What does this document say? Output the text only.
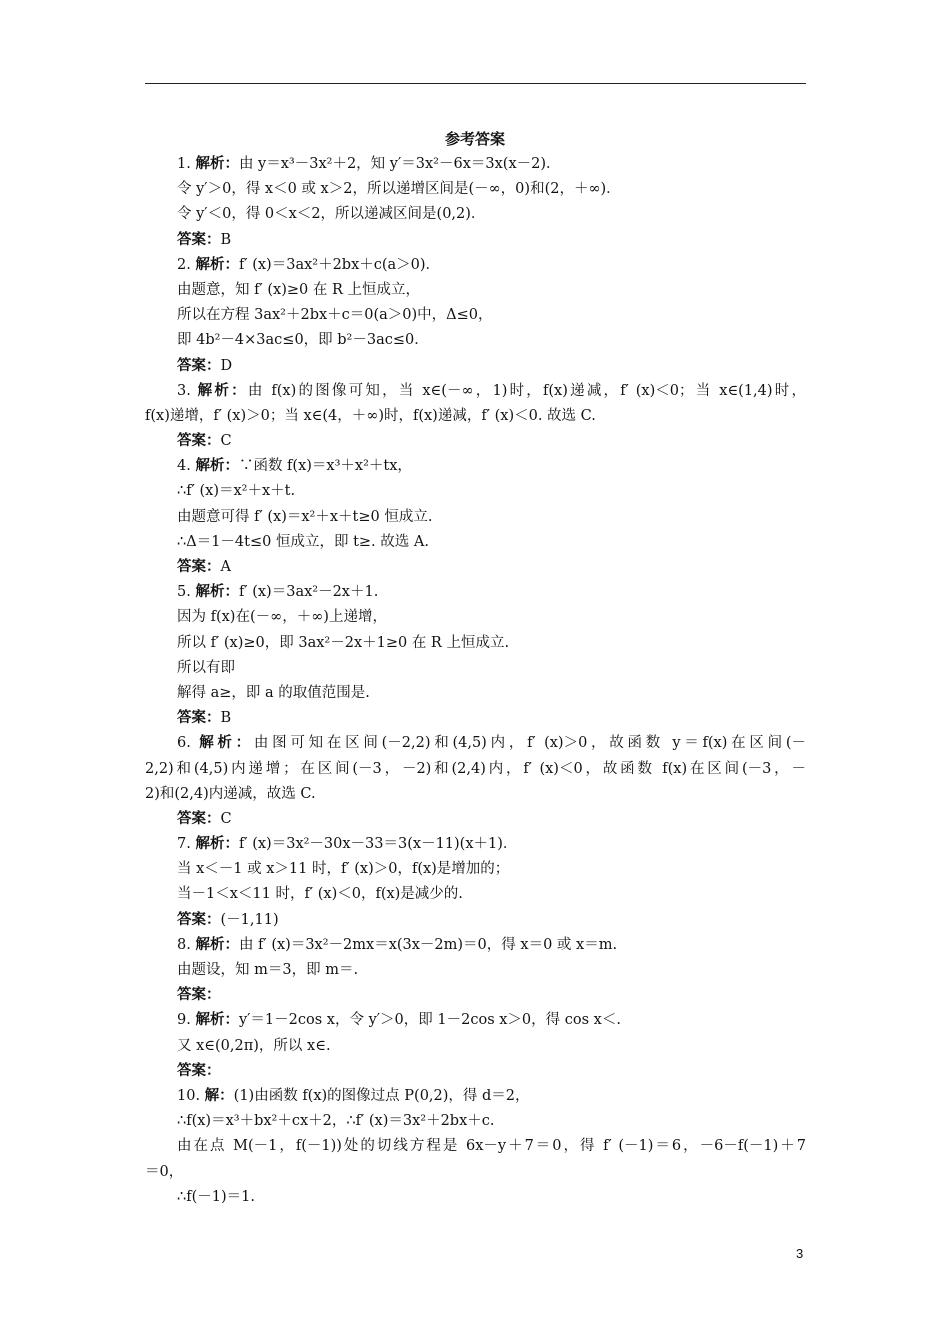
参考答案
1. 解析：由 y＝x³－3x²＋2，知 y′＝3x²－6x＝3x(x－2)．
令 y′＞0，得 x＜0 或 x＞2，所以递增区间是(－∞，0)和(2，＋∞)．
令 y′＜0，得 0＜x＜2，所以递减区间是(0,2)．
答案：B
2. 解析：f′ (x)＝3ax²＋2bx＋c(a＞0)．
由题意，知 f′ (x)≥0 在 R 上恒成立，
所以在方程 3ax²＋2bx＋c＝0(a＞0)中，Δ≤0，
即 4b²－4×3ac≤0，即 b²－3ac≤0．
答案：D
3. 解析：由 f(x)的图像可知，当 x∈(－∞，1)时，f(x)递减，f′ (x)＜0；当 x∈(1,4)时，
f(x)递增，f′ (x)＞0；当 x∈(4，＋∞)时，f(x)递减，f′ (x)＜0. 故选 C.
答案：C
4. 解析：∵函数 f(x)＝x³＋x²＋tx，
∴f′ (x)＝x²＋x＋t.
由题意可得 f′ (x)＝x²＋x＋t≥0 恒成立.
∴Δ＝1－4t≤0 恒成立，即 t≥. 故选 A.
答案：A
5. 解析：f′ (x)＝3ax²－2x＋1.
因为 f(x)在(－∞，＋∞)上递增，
所以 f′ (x)≥0，即 3ax²－2x＋1≥0 在 R 上恒成立.
所以有即
解得 a≥，即 a 的取值范围是.
答案：B
6. 解析：由图可知在区间(－2,2)和(4,5)内，f′ (x)＞0，故函数 y＝f(x)在区间(－
2,2)和(4,5)内递增；在区间(－3，－2)和(2,4)内，f′ (x)＜0，故函数 f(x)在区间(－3，－
2)和(2,4)内递减，故选 C.
答案：C
7. 解析：f′ (x)＝3x²－30x－33＝3(x－11)(x＋1)．
当 x＜－1 或 x＞11 时，f′ (x)＞0，f(x)是增加的；
当－1＜x＜11 时，f′ (x)＜0，f(x)是减少的.
答案：(－1,11)
8. 解析：由 f′ (x)＝3x²－2mx＝x(3x－2m)＝0，得 x＝0 或 x＝m.
由题设，知 m＝3，即 m＝.
答案：
9. 解析：y′＝1－2cos x，令 y′＞0，即 1－2cos x＞0，得 cos x＜.
又 x∈(0,2π)，所以 x∈.
答案：
10. 解：(1)由函数 f(x)的图像过点 P(0,2)，得 d＝2，
∴f(x)＝x³＋bx²＋cx＋2，∴f′ (x)＝3x²＋2bx＋c.
由在点 M(－1，f(－1))处的切线方程是 6x－y＋7＝0，得 f′ (－1)＝6，－6－f(－1)＋7
＝0，
∴f(－1)＝1.
3
